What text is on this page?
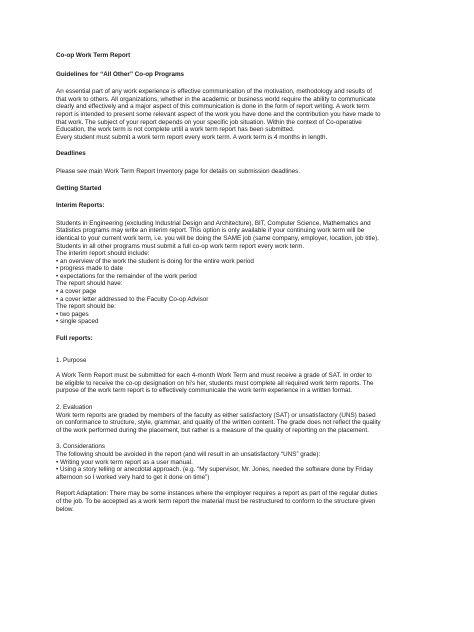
Co-op Work Term Report
Guidelines for “All Other” Co-op Programs
An essential part of any work experience is effective communication of the motivation, methodology and results of
that work to others. All organizations, whether in the academic or business world require the ability to communicate
clearly and effectively and a major aspect of this communication is done in the form of report writing. A work term
report is intended to present some relevant aspect of the work you have done and the contribution you have made to
that work. The subject of your report depends on your specific job situation. Within the context of Co-operative
Education, the work term is not complete until a work term report has been submitted.
Every student must submit a work term report every work term. A work term is 4 months in length.
Deadlines
Please see main Work Term Report Inventory page for details on submission deadlines.
Getting Started
Interim Reports:
Students in Engineering (excluding Industrial Design and Architecture), BIT, Computer Science, Mathematics and
Statistics programs may write an interim report. This option is only available if your continuing work term will be
identical to your current work term, i.e. you will be doing the SAME job (same company, employer, location, job title).
Students in all other programs must submit a full co-op work term report every work term.
The interim report should include:
• an overview of the work the student is doing for the entire work period
• progress made to date
• expectations for the remainder of the work period
The report should have:
• a cover page
• a cover letter addressed to the Faculty Co-op Advisor
The report should be:
• two pages
• single spaced
Full reports:
1. Purpose
A Work Term Report must be submitted for each 4-month Work Term and must receive a grade of SAT. In order to
be eligible to receive the co-op designation on hi's her, students must complete all required work term reports. The
purpose of the work term report is to effectively communicate the work term experience in a written format.
2. Evaluation
Work term reports are graded by members of the faculty as either satisfactory (SAT) or unsatisfactory (UNS) based
on conformance to structure, style, grammar, and quality of the written content. The grade does not reflect the quality
of the work performed during the placement, but rather is a measure of the quality of reporting on the placement.
3. Considerations
The following should be avoided in the report (and will result in an unsatisfactory “UNS” grade):
• Writing your work term report as a user manual.
• Using a story telling or anecdotal approach. (e.g. “My supervisor, Mr. Jones, needed the software done by Friday
afternoon so I worked very hard to get it done on time”)
Report Adaptation: There may be some instances where the employer requires a report as part of the regular duties
of the job. To be accepted as a work term report the material must be restructured to conform to the structure given
below.
